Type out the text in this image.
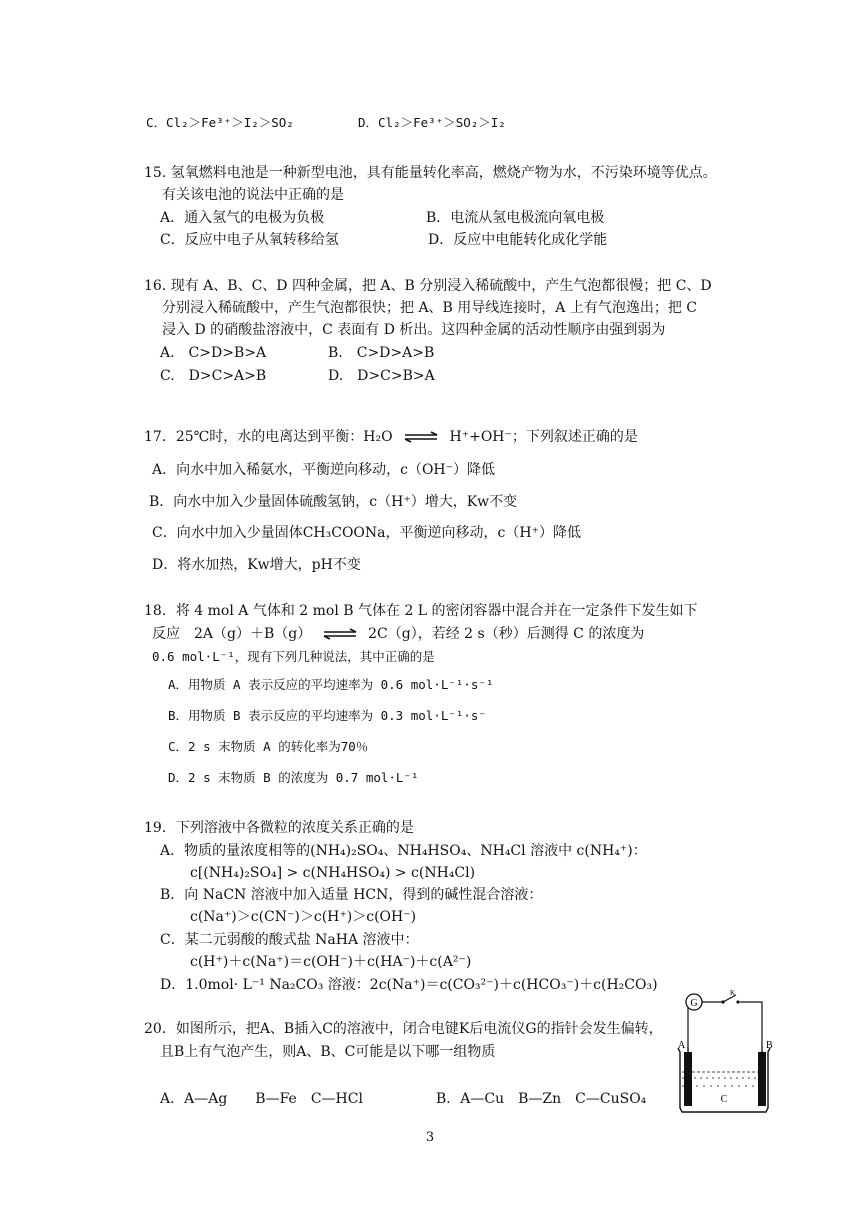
C．Cl₂＞Fe³⁺＞I₂＞SO₂	D．Cl₂＞Fe³⁺＞SO₂＞I₂
15. 氢氧燃料电池是一种新型电池，具有能量转化率高，燃烧产物为水，不污染环境等优点。
有关该电池的说法中正确的是
A．通入氢气的电极为负极	B．电流从氢电极流向氧电极
C．反应中电子从氧转移给氢	D．反应中电能转化成化学能
16. 现有 A、B、C、D 四种金属，把 A、B 分别浸入稀硫酸中，产生气泡都很慢；把 C、D
分别浸入稀硫酸中，产生气泡都很快；把 A、B 用导线连接时，A 上有气泡逸出；把 C
浸入 D 的硝酸盐溶液中，C 表面有 D 析出。这四种金属的活动性顺序由强到弱为
A.　C>D>B>A	B.　C>D>A>B
C.　D>C>A>B	D.　D>C>B>A
17．25℃时，水的电离达到平衡：H₂O ⇌ H⁺+OH⁻；下列叙述正确的是
A．向水中加入稀氨水，平衡逆向移动，c（OH⁻）降低
B．向水中加入少量固体硫酸氢钠，c（H⁺）增大，Kw不变
C．向水中加入少量固体CH₃COONa，平衡逆向移动，c（H⁺）降低
D．将水加热，Kw增大，pH不变
18．将 4 mol A 气体和 2 mol B 气体在 2 L 的密闭容器中混合并在一定条件下发生如下
反应　2A（g）＋B（g） ⇌ 2C（g），若经 2 s（秒）后测得 C 的浓度为
0.6 mol·L⁻¹，现有下列几种说法，其中正确的是
A．用物质 A 表示反应的平均速率为 0.6 mol·L⁻¹·s⁻¹
B．用物质 B 表示反应的平均速率为 0.3 mol·L⁻¹·s⁻
C．2 s 末物质 A 的转化率为70％
D．2 s 末物质 B 的浓度为 0.7 mol·L⁻¹
19．下列溶液中各微粒的浓度关系正确的是
A．物质的量浓度相等的(NH₄)₂SO₄、NH₄HSO₄、NH₄Cl 溶液中 c(NH₄⁺)：
c[(NH₄)₂SO₄] > c(NH₄HSO₄) > c(NH₄Cl)
B．向 NaCN 溶液中加入适量 HCN，得到的碱性混合溶液：
c(Na⁺)＞c(CN⁻)＞c(H⁺)＞c(OH⁻)
C．某二元弱酸的酸式盐 NaHA 溶液中：
c(H⁺)＋c(Na⁺)＝c(OH⁻)＋c(HA⁻)＋c(A²⁻)
D．1.0mol· L⁻¹ Na₂CO₃ 溶液：2c(Na⁺)＝c(CO₃²⁻)＋c(HCO₃⁻)＋c(H₂CO₃)
20．如图所示，把A、B插入C的溶液中，闭合电键K后电流仪G的指针会发生偏转，
且B上有气泡产生，则A、B、C可能是以下哪一组物质
A．A—Ag　　B—Fe　C—HCl	B．A—Cu　B—Zn　C—CuSO₄
G
K
A	B
C
3
